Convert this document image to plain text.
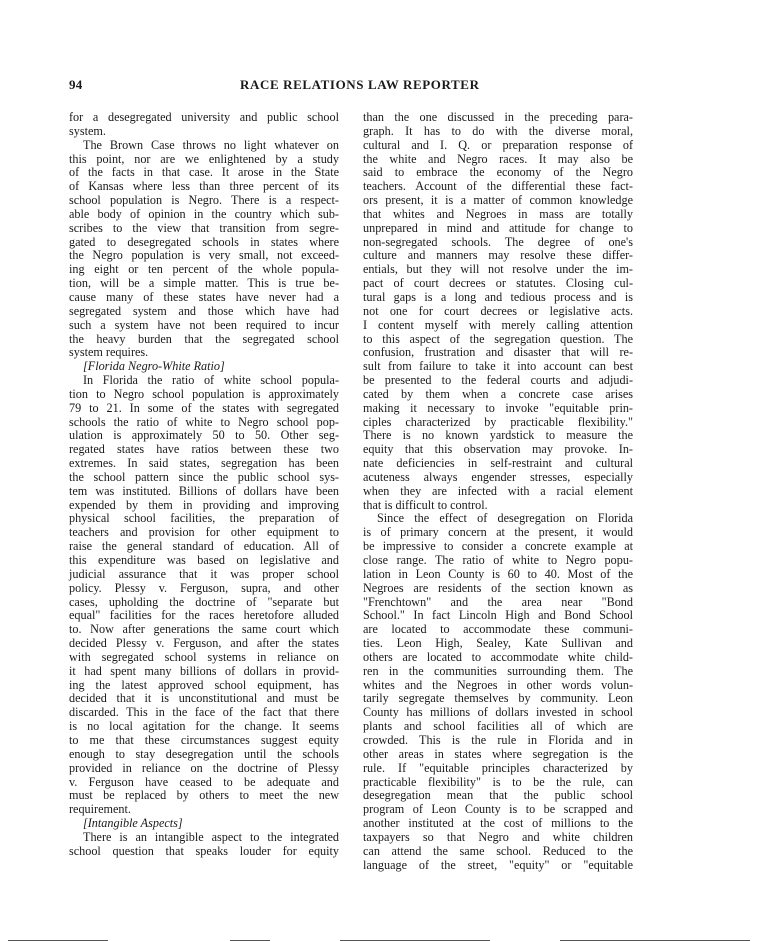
94	RACE RELATIONS LAW REPORTER
for a desegregated university and public school
system.
The Brown Case throws no light whatever on
this point, nor are we enlightened by a study
of the facts in that case. It arose in the State
of Kansas where less than three percent of its
school population is Negro. There is a respect-
able body of opinion in the country which sub-
scribes to the view that transition from segre-
gated to desegregated schools in states where
the Negro population is very small, not exceed-
ing eight or ten percent of the whole popula-
tion, will be a simple matter. This is true be-
cause many of these states have never had a
segregated system and those which have had
such a system have not been required to incur
the heavy burden that the segregated school
system requires.
[Florida Negro-White Ratio]
In Florida the ratio of white school popula-
tion to Negro school population is approximately
79 to 21. In some of the states with segregated
schools the ratio of white to Negro school pop-
ulation is approximately 50 to 50. Other seg-
regated states have ratios between these two
extremes. In said states, segregation has been
the school pattern since the public school sys-
tem was instituted. Billions of dollars have been
expended by them in providing and improving
physical school facilities, the preparation of
teachers and provision for other equipment to
raise the general standard of education. All of
this expenditure was based on legislative and
judicial assurance that it was proper school
policy. Plessy v. Ferguson, supra, and other
cases, upholding the doctrine of "separate but
equal" facilities for the races heretofore alluded
to. Now after generations the same court which
decided Plessy v. Ferguson, and after the states
with segregated school systems in reliance on
it had spent many billions of dollars in provid-
ing the latest approved school equipment, has
decided that it is unconstitutional and must be
discarded. This in the face of the fact that there
is no local agitation for the change. It seems
to me that these circumstances suggest equity
enough to stay desegregation until the schools
provided in reliance on the doctrine of Plessy
v. Ferguson have ceased to be adequate and
must be replaced by others to meet the new
requirement.
[Intangible Aspects]
There is an intangible aspect to the integrated
school question that speaks louder for equity
than the one discussed in the preceding para-
graph. It has to do with the diverse moral,
cultural and I. Q. or preparation response of
the white and Negro races. It may also be
said to embrace the economy of the Negro
teachers. Account of the differential these fact-
ors present, it is a matter of common knowledge
that whites and Negroes in mass are totally
unprepared in mind and attitude for change to
non-segregated schools. The degree of one's
culture and manners may resolve these differ-
entials, but they will not resolve under the im-
pact of court decrees or statutes. Closing cul-
tural gaps is a long and tedious process and is
not one for court decrees or legislative acts.
I content myself with merely calling attention
to this aspect of the segregation question. The
confusion, frustration and disaster that will re-
sult from failure to take it into account can best
be presented to the federal courts and adjudi-
cated by them when a concrete case arises
making it necessary to invoke "equitable prin-
ciples characterized by practicable flexibility."
There is no known yardstick to measure the
equity that this observation may provoke. In-
nate deficiencies in self-restraint and cultural
acuteness always engender stresses, especially
when they are infected with a racial element
that is difficult to control.
Since the effect of desegregation on Florida
is of primary concern at the present, it would
be impressive to consider a concrete example at
close range. The ratio of white to Negro popu-
lation in Leon County is 60 to 40. Most of the
Negroes are residents of the section known as
"Frenchtown" and the area near "Bond
School." In fact Lincoln High and Bond School
are located to accommodate these communi-
ties. Leon High, Sealey, Kate Sullivan and
others are located to accommodate white child-
ren in the communities surrounding them. The
whites and the Negroes in other words volun-
tarily segregate themselves by community. Leon
County has millions of dollars invested in school
plants and school facilities all of which are
crowded. This is the rule in Florida and in
other areas in states where segregation is the
rule. If "equitable principles characterized by
practicable flexibility" is to be the rule, can
desegregation mean that the public school
program of Leon County is to be scrapped and
another instituted at the cost of millions to the
taxpayers so that Negro and white children
can attend the same school. Reduced to the
language of the street, "equity" or "equitable
